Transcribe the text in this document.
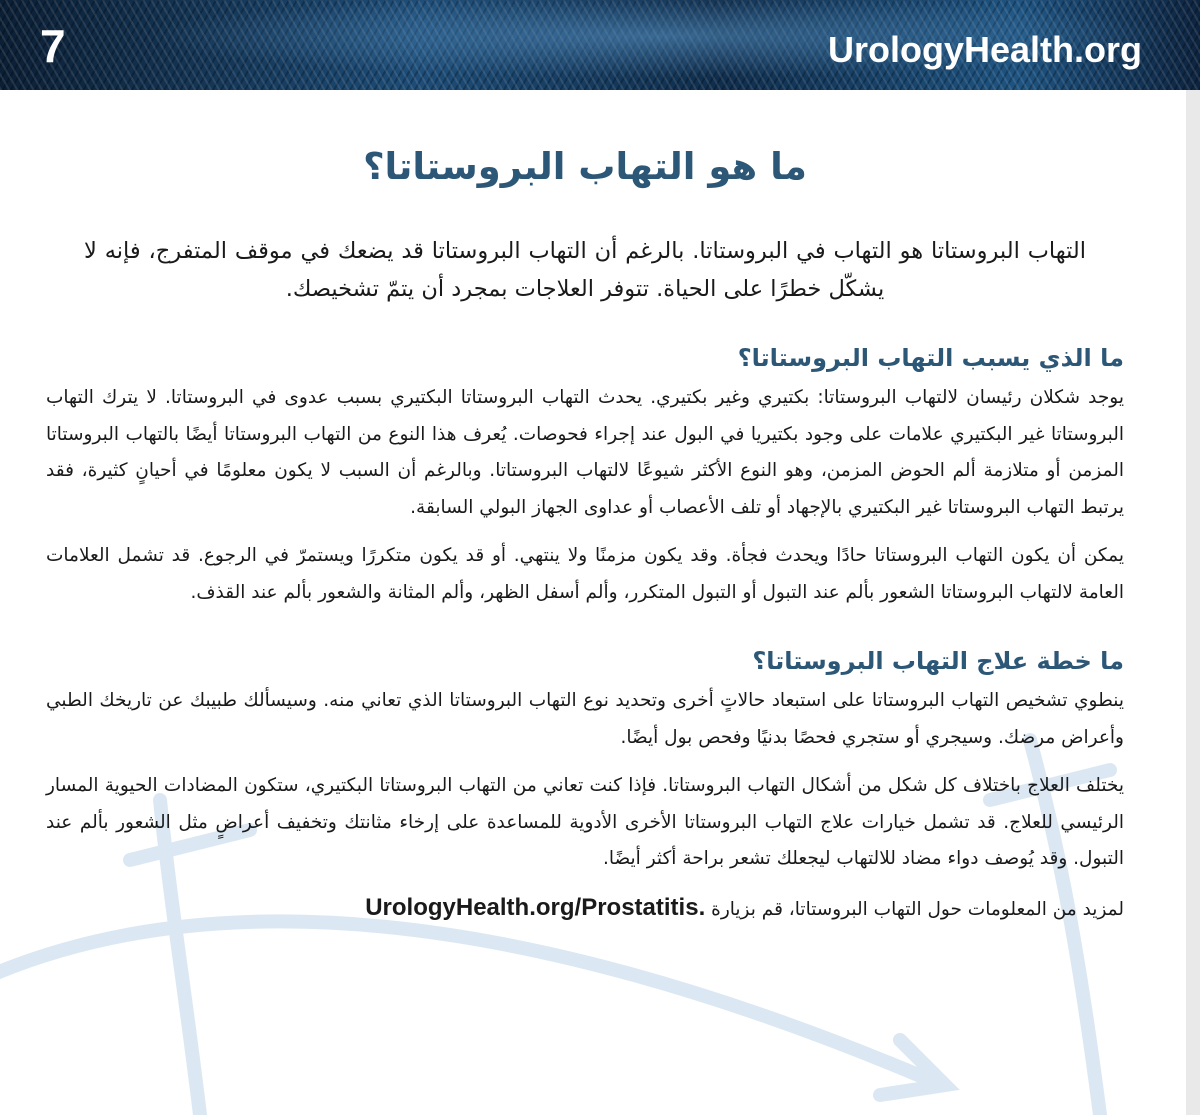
7	UrologyHealth.org
ما هو التهاب البروستاتا؟

التهاب البروستاتا هو التهاب في البروستاتا. بالرغم أن التهاب البروستاتا قد يضعك في موقف المتفرج، فإنه لا يشكّل خطرًا على الحياة. تتوفر العلاجات بمجرد أن يتمّ تشخيصك.

ما الذي يسبب التهاب البروستاتا؟

يوجد شكلان رئيسان لالتهاب البروستاتا: بكتيري وغير بكتيري. يحدث التهاب البروستاتا البكتيري بسبب عدوى في البروستاتا. لا يترك التهاب البروستاتا غير البكتيري علامات على وجود بكتيريا في البول عند إجراء فحوصات. يُعرف هذا النوع من التهاب البروستاتا أيضًا بالتهاب البروستاتا المزمن أو متلازمة ألم الحوض المزمن، وهو النوع الأكثر شيوعًا لالتهاب البروستاتا. وبالرغم أن السبب لا يكون معلومًا في أحيانٍ كثيرة، فقد يرتبط التهاب البروستاتا غير البكتيري بالإجهاد أو تلف الأعصاب أو عداوى الجهاز البولي السابقة.

يمكن أن يكون التهاب البروستاتا حادًا ويحدث فجأة. وقد يكون مزمنًا ولا ينتهي. أو قد يكون متكررًا ويستمرّ في الرجوع. قد تشمل العلامات العامة لالتهاب البروستاتا الشعور بألم عند التبول أو التبول المتكرر، وألم أسفل الظهر، وألم المثانة والشعور بألم عند القذف.

ما خطة علاج التهاب البروستاتا؟

ينطوي تشخيص التهاب البروستاتا على استبعاد حالاتٍ أخرى وتحديد نوع التهاب البروستاتا الذي تعاني منه. وسيسألك طبيبك عن تاريخك الطبي وأعراض مرضك. وسيجري أو ستجري فحصًا بدنيًا وفحص بول أيضًا.

يختلف العلاج باختلاف كل شكل من أشكال التهاب البروستاتا. فإذا كنت تعاني من التهاب البروستاتا البكتيري، ستكون المضادات الحيوية المسار الرئيسي للعلاج. قد تشمل خيارات علاج التهاب البروستاتا الأخرى الأدوية للمساعدة على إرخاء مثانتك وتخفيف أعراضٍ مثل الشعور بألم عند التبول. وقد يُوصف دواء مضاد للالتهاب ليجعلك تشعر براحة أكثر أيضًا.

لمزيد من المعلومات حول التهاب البروستاتا، قم بزيارة UrologyHealth.org/Prostatitis.
